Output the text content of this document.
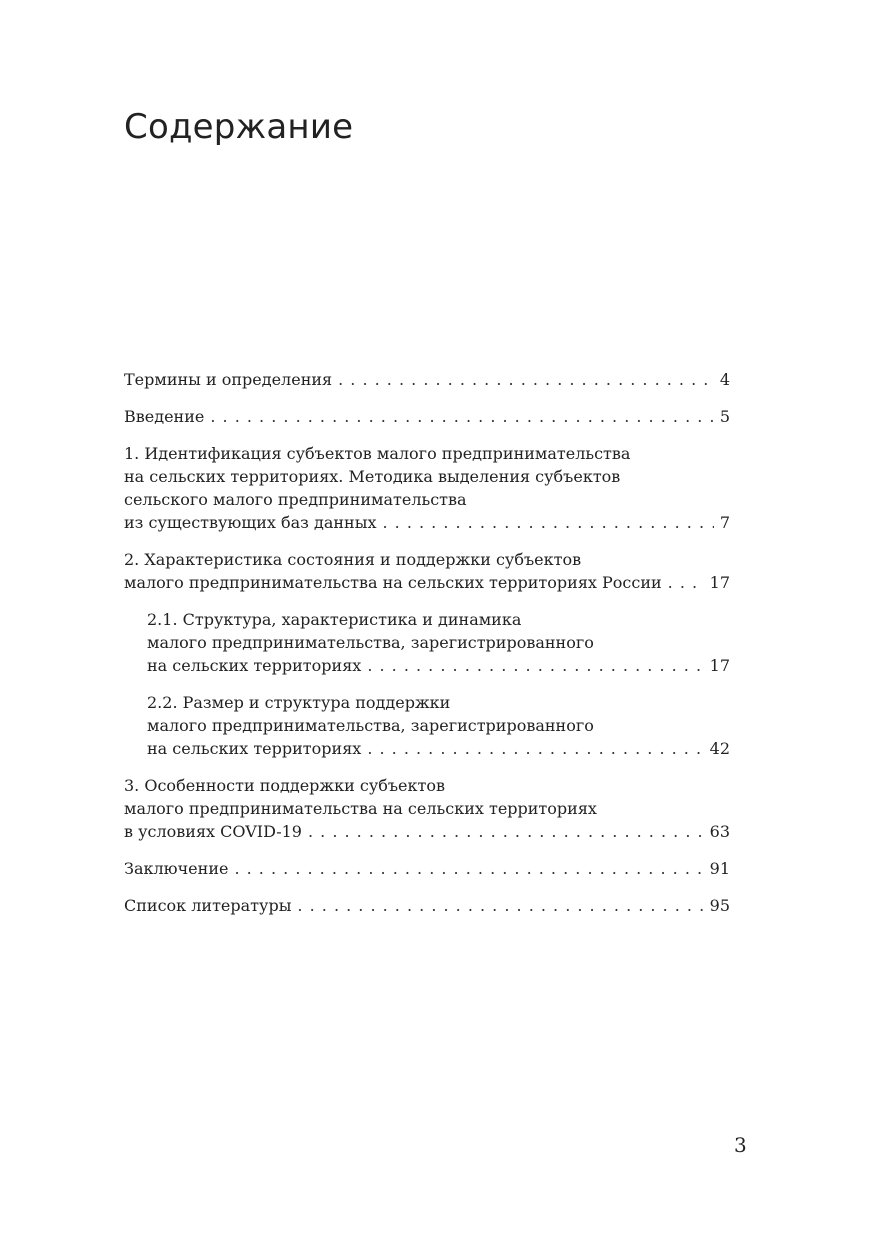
Содержание
Термины и определения . . .	4
Введение . . .	5
1. Идентификация субъектов малого предпринимательства
на сельских территориях. Методика выделения субъектов
сельского малого предпринимательства
из существующих баз данных . . .	7
2. Характеристика состояния и поддержки субъектов
малого предпринимательства на сельских территориях России . . .	17
2.1. Структура, характеристика и динамика
малого предпринимательства, зарегистрированного
на сельских территориях . . .	17
2.2. Размер и структура поддержки
малого предпринимательства, зарегистрированного
на сельских территориях . . .	42
3. Особенности поддержки субъектов
малого предпринимательства на сельских территориях
в условиях COVID-19 . . .	63
Заключение . . .	91
Список литературы . . .	95
3
